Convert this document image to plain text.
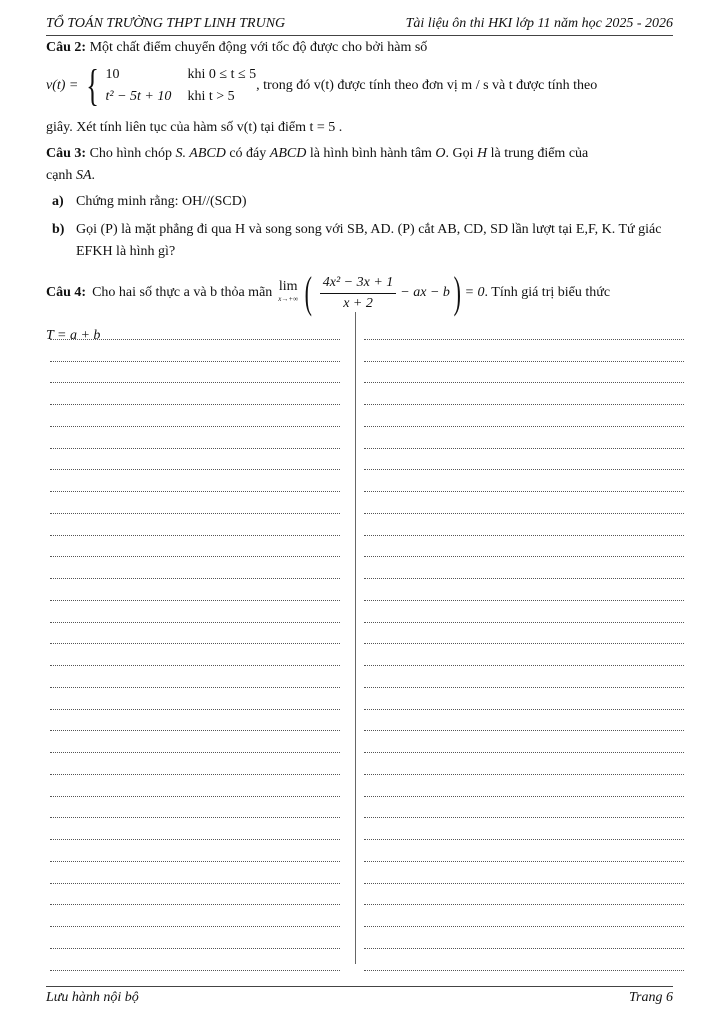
TỔ TOÁN TRƯỜNG THPT LINH TRUNG	Tài liệu ôn thi HKI lớp 11 năm học 2025 - 2026

Câu 2: Một chất điểm chuyển động với tốc độ được cho bởi hàm số

v(t) = { 10	khi 0 ≤ t ≤ 5
t² − 5t + 10	khi t > 5
, trong đó v(t) được tính theo đơn vị m / s và t được tính theo

giây. Xét tính liên tục của hàm số v(t) tại điểm t = 5 .

Câu 3: Cho hình chóp S. ABCD có đáy ABCD là hình bình hành tâm O. Gọi H là trung điểm của

cạnh SA.

a) Chứng minh rằng: OH//(SCD)
b) Gọi (P) là mặt phẳng đi qua H và song song với SB, AD. (P) cắt AB, CD, SD lần lượt tại E,F, K. Tứ giác EFKH là hình gì?
Câu 4: Cho hai số thực a và b thỏa mãn lim
x→+∞ ( $\frac{\text{4x² − 3x + 1}}{x + 2}$ − ax − b ) = 0 . Tính giá trị biểu thức

T = a + b

Lưu hành nội bộ	Trang 6
